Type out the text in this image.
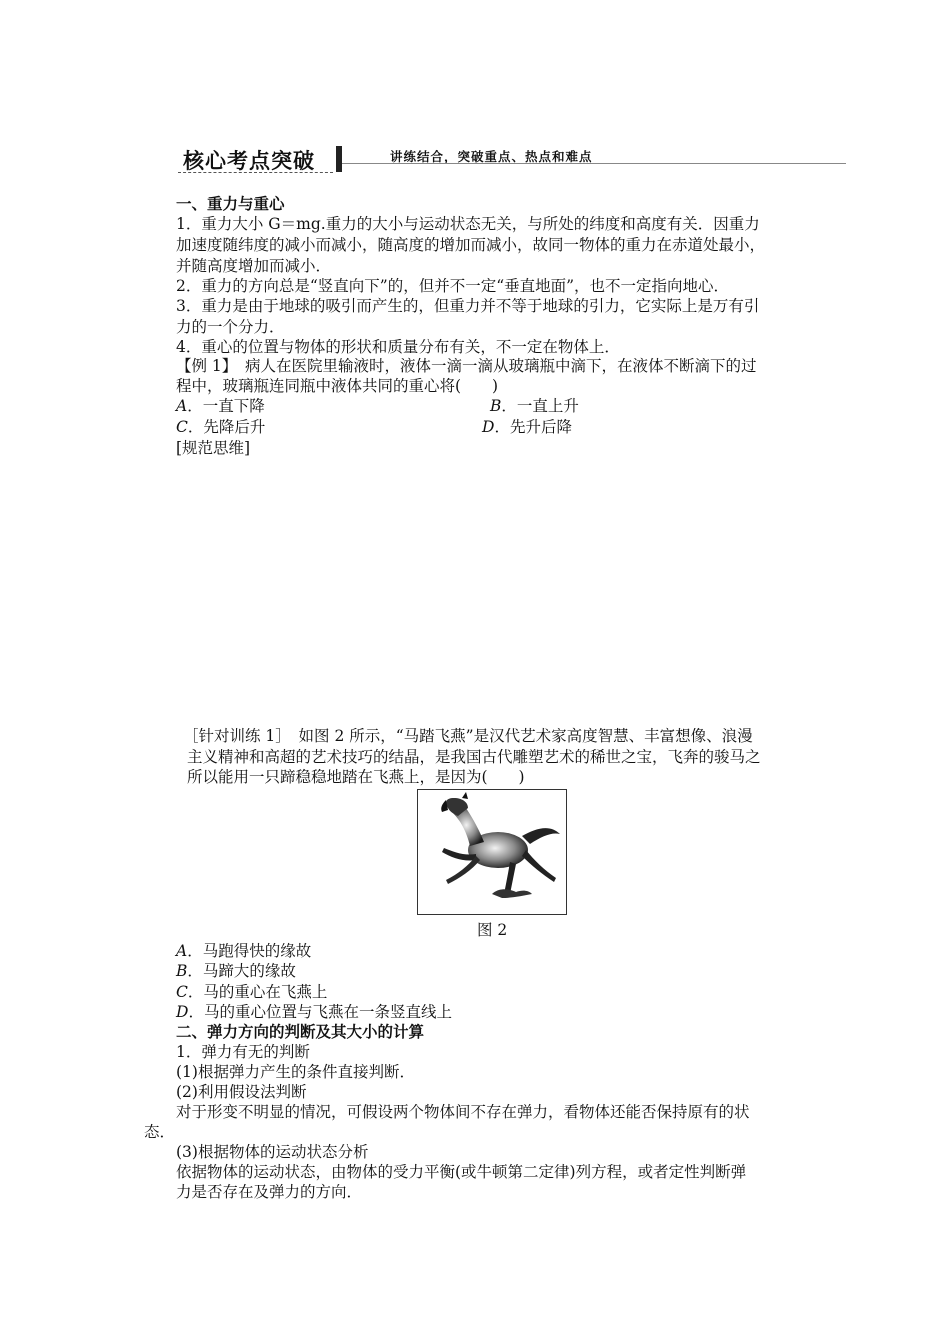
核心考点突破	讲练结合，突破重点、热点和难点
一、重力与重心
1．重力大小 G＝mg.重力的大小与运动状态无关，与所处的纬度和高度有关．因重力
加速度随纬度的减小而减小，随高度的增加而减小，故同一物体的重力在赤道处最小，
并随高度增加而减小．
2．重力的方向总是“竖直向下”的，但并不一定“垂直地面”，也不一定指向地心．
3．重力是由于地球的吸引而产生的，但重力并不等于地球的引力，它实际上是万有引
力的一个分力．
4．重心的位置与物体的形状和质量分布有关，不一定在物体上．
【例 1】　病人在医院里输液时，液体一滴一滴从玻璃瓶中滴下，在液体不断滴下的过
程中，玻璃瓶连同瓶中液体共同的重心将(　　)
A．一直下降	B．一直上升
C．先降后升	D．先升后降
[规范思维]
［针对训练 1］　如图 2 所示，“马踏飞燕”是汉代艺术家高度智慧、丰富想像、浪漫
主义精神和高超的艺术技巧的结晶，是我国古代雕塑艺术的稀世之宝，飞奔的骏马之
所以能用一只蹄稳稳地踏在飞燕上，是因为(　　)
图 2
A．马跑得快的缘故
B．马蹄大的缘故
C．马的重心在飞燕上
D．马的重心位置与飞燕在一条竖直线上
二、弹力方向的判断及其大小的计算
1．弹力有无的判断
(1)根据弹力产生的条件直接判断．
(2)利用假设法判断
对于形变不明显的情况，可假设两个物体间不存在弹力，看物体还能否保持原有的状
态．
(3)根据物体的运动状态分析
依据物体的运动状态，由物体的受力平衡(或牛顿第二定律)列方程，或者定性判断弹
力是否存在及弹力的方向．
